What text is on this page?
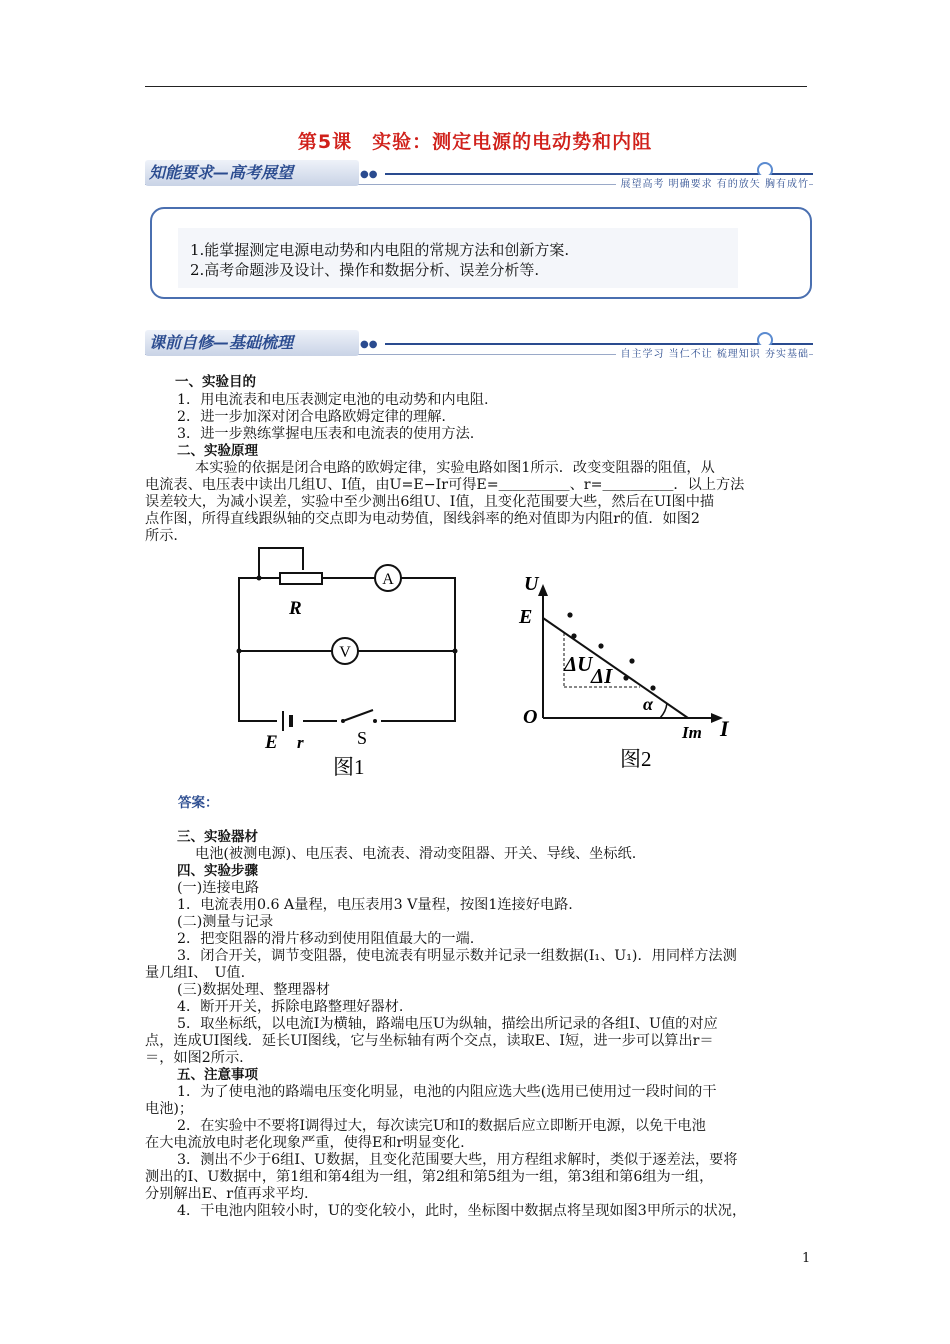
第5课　实验：测定电源的电动势和内阻
知能要求—高考展望	●●
展望高考 明确要求 有的放矢 胸有成竹
1.能掌握测定电源电动势和内电阻的常规方法和创新方案.
2.高考命题涉及设计、操作和数据分析、误差分析等.
课前自修—基础梳理	●●
自主学习 当仁不让 梳理知识 夯实基础
一、实验目的
1．用电流表和电压表测定电池的电动势和内电阻.
2．进一步加深对闭合电路欧姆定律的理解.
3．进一步熟练掌握电压表和电流表的使用方法.
二、实验原理
本实验的依据是闭合电路的欧姆定律，实验电路如图1所示．改变变阻器的阻值，从
电流表、电压表中读出几组U、I值，由U=E−Ir可得E=＿＿＿＿＿、r=＿＿＿＿＿．以上方法
误差较大，为减小误差，实验中至少测出6组U、I值，且变化范围要大些，然后在UI图中描
点作图，所得直线跟纵轴的交点即为电动势值，图线斜率的绝对值即为内阻r的值．如图2
所示.
A
V
R
E r	S
图1
U
E
ΔU
ΔI
O
α
Im I
图2
答案：
三、实验器材
电池(被测电源)、电压表、电流表、滑动变阻器、开关、导线、坐标纸.
四、实验步骤
(一)连接电路
1．电流表用0.6 A量程，电压表用3 V量程，按图1连接好电路.
(二)测量与记录
2．把变阻器的滑片移动到使用阻值最大的一端.
3．闭合开关，调节变阻器，使电流表有明显示数并记录一组数据(I₁、U₁)．用同样方法测
量几组I、　U值.
(三)数据处理、整理器材
4．断开开关，拆除电路整理好器材.
5．取坐标纸，以电流I为横轴，路端电压U为纵轴，描绘出所记录的各组I、U值的对应
点，连成UI图线．延长UI图线，它与坐标轴有两个交点，读取E、I短，进一步可以算出r＝
＝，如图2所示.
五、注意事项
1．为了使电池的路端电压变化明显，电池的内阻应选大些(选用已使用过一段时间的干
电池)；
2．在实验中不要将I调得过大，每次读完U和I的数据后应立即断开电源，以免干电池
在大电流放电时老化现象严重，使得E和r明显变化.
3．测出不少于6组I、U数据，且变化范围要大些，用方程组求解时，类似于逐差法，要将
测出的I、U数据中，第1组和第4组为一组，第2组和第5组为一组，第3组和第6组为一组，
分别解出E、r值再求平均.
4．干电池内阻较小时，U的变化较小，此时，坐标图中数据点将呈现如图3甲所示的状况，
1
